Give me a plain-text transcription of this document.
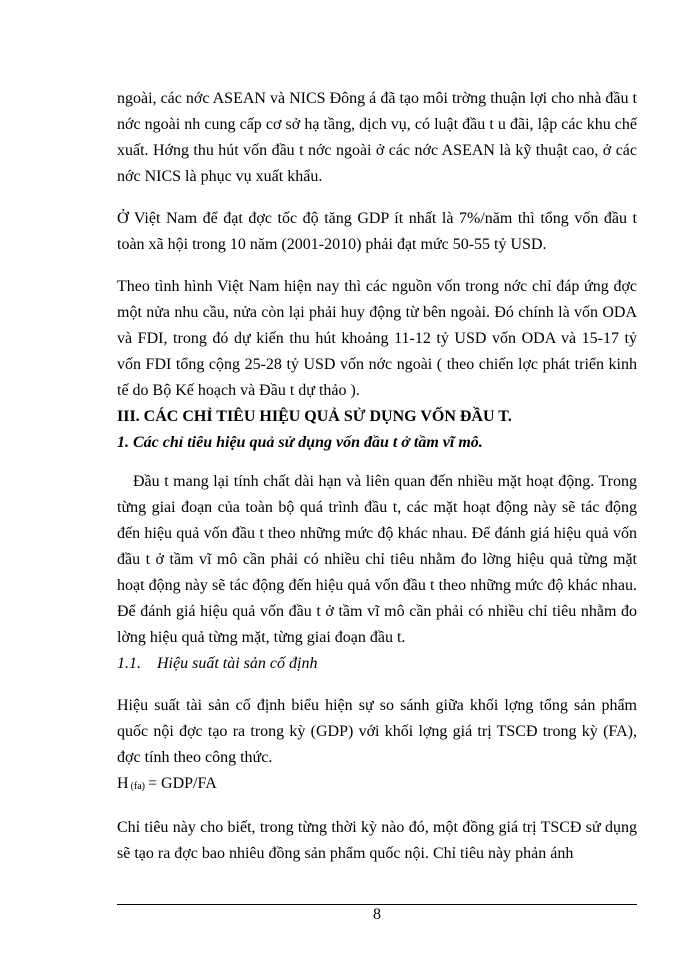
ngoài, các nớc ASEAN và NICS Đông á đã tạo môi trờng thuận lợi cho nhà đầu t nớc ngoài nh cung cấp cơ sở hạ tầng, dịch vụ, có luật đầu t u đãi, lập các khu chế xuất. Hớng thu hút vốn đầu t nớc ngoài ở các nớc ASEAN là kỹ thuật cao, ở các nớc NICS là phục vụ xuất khẩu.

Ở Việt Nam để đạt đợc tốc độ tăng GDP ít nhất là 7%/năm thì tổng vốn đầu t toàn xã hội trong 10 năm (2001-2010) phải đạt mức 50-55 tỷ USD.

Theo tình hình Việt Nam hiện nay thì các nguồn vốn trong nớc chỉ đáp ứng đợc một nửa nhu cầu, nửa còn lại phải huy động từ bên ngoài. Đó chính là vốn ODA và FDI, trong đó dự kiến thu hút khoảng 11-12 tỷ USD vốn ODA và 15-17 tỷ vốn FDI tổng cộng 25-28 tỷ USD vốn nớc ngoài ( theo chiến lợc phát triển kinh tế do Bộ Kế hoạch và Đầu t dự thảo ).

III. CÁC CHỈ TIÊU HIỆU QUẢ SỬ DỤNG VỐN ĐẦU T.

1. Các chỉ tiêu hiệu quả sử dụng vốn đầu t ở tầm vĩ mô.

Đầu t mang lại tính chất dài hạn và liên quan đến nhiều mặt hoạt động. Trong từng giai đoạn của toàn bộ quá trình đầu t, các mặt hoạt động này sẽ tác động đến hiệu quả vốn đầu t theo những mức độ khác nhau. Để đánh giá hiệu quả vốn đầu t ở tầm vĩ mô cần phải có nhiều chỉ tiêu nhằm đo lờng hiệu quả từng mặt hoạt động này sẽ tác động đến hiệu quả vốn đầu t theo những mức độ khác nhau. Để đánh giá hiệu quả vốn đầu t ở tầm vĩ mô cần phải có nhiều chỉ tiêu nhằm đo lờng hiệu quả từng mặt, từng giai đoạn đầu t.

1.1. Hiệu suất tài sản cố định

Hiệu suất tài sản cố định biểu hiện sự so sánh giữa khối lợng tổng sản phẩm quốc nội đợc tạo ra trong kỳ (GDP) với khối lợng giá trị TSCĐ trong kỳ (FA), đợc tính theo công thức.

H (fa) = GDP/FA

Chỉ tiêu này cho biết, trong từng thời kỳ nào đó, một đồng giá trị TSCĐ sử dụng sẽ tạo ra đợc bao nhiêu đồng sản phẩm quốc nội. Chỉ tiêu này phản ánh

8
